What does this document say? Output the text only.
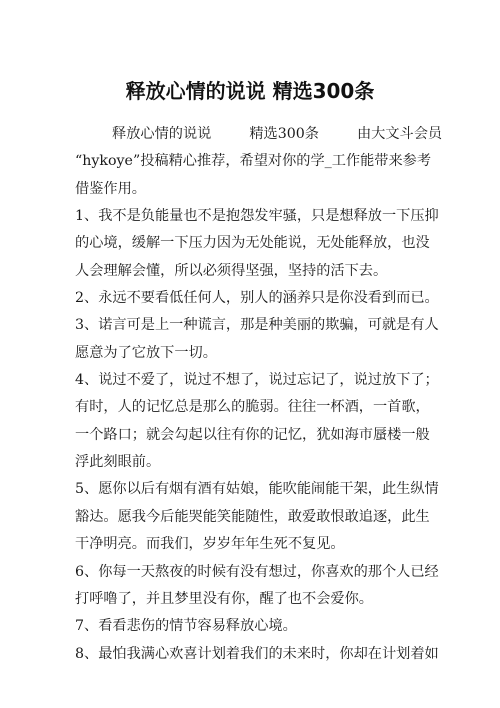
释放心情的说说 精选300条
释放心情的说说	精选300条	由大文斗会员
“hykoye”投稿精心推荐，希望对你的学_工作能带来参考
借鉴作用。
1、我不是负能量也不是抱怨发牢骚，只是想释放一下压抑
的心境，缓解一下压力因为无处能说，无处能释放，也没
人会理解会懂，所以必须得坚强，坚持的活下去。
2、永远不要看低任何人，别人的涵养只是你没看到而已。
3、诺言可是上一种谎言，那是种美丽的欺骗，可就是有人
愿意为了它放下一切。
4、说过不爱了，说过不想了，说过忘记了，说过放下了；
有时，人的记忆总是那么的脆弱。往往一杯酒，一首歌，
一个路口；就会勾起以往有你的记忆，犹如海市蜃楼一般
浮此刻眼前。
5、愿你以后有烟有酒有姑娘，能吹能闹能干架，此生纵情
豁达。愿我今后能哭能笑能随性，敢爱敢恨敢追逐，此生
干净明亮。而我们，岁岁年年生死不复见。
6、你每一天熬夜的时候有没有想过，你喜欢的那个人已经
打呼噜了，并且梦里没有你，醒了也不会爱你。
7、看看悲伤的情节容易释放心境。
8、最怕我满心欢喜计划着我们的未来时，你却在计划着如
